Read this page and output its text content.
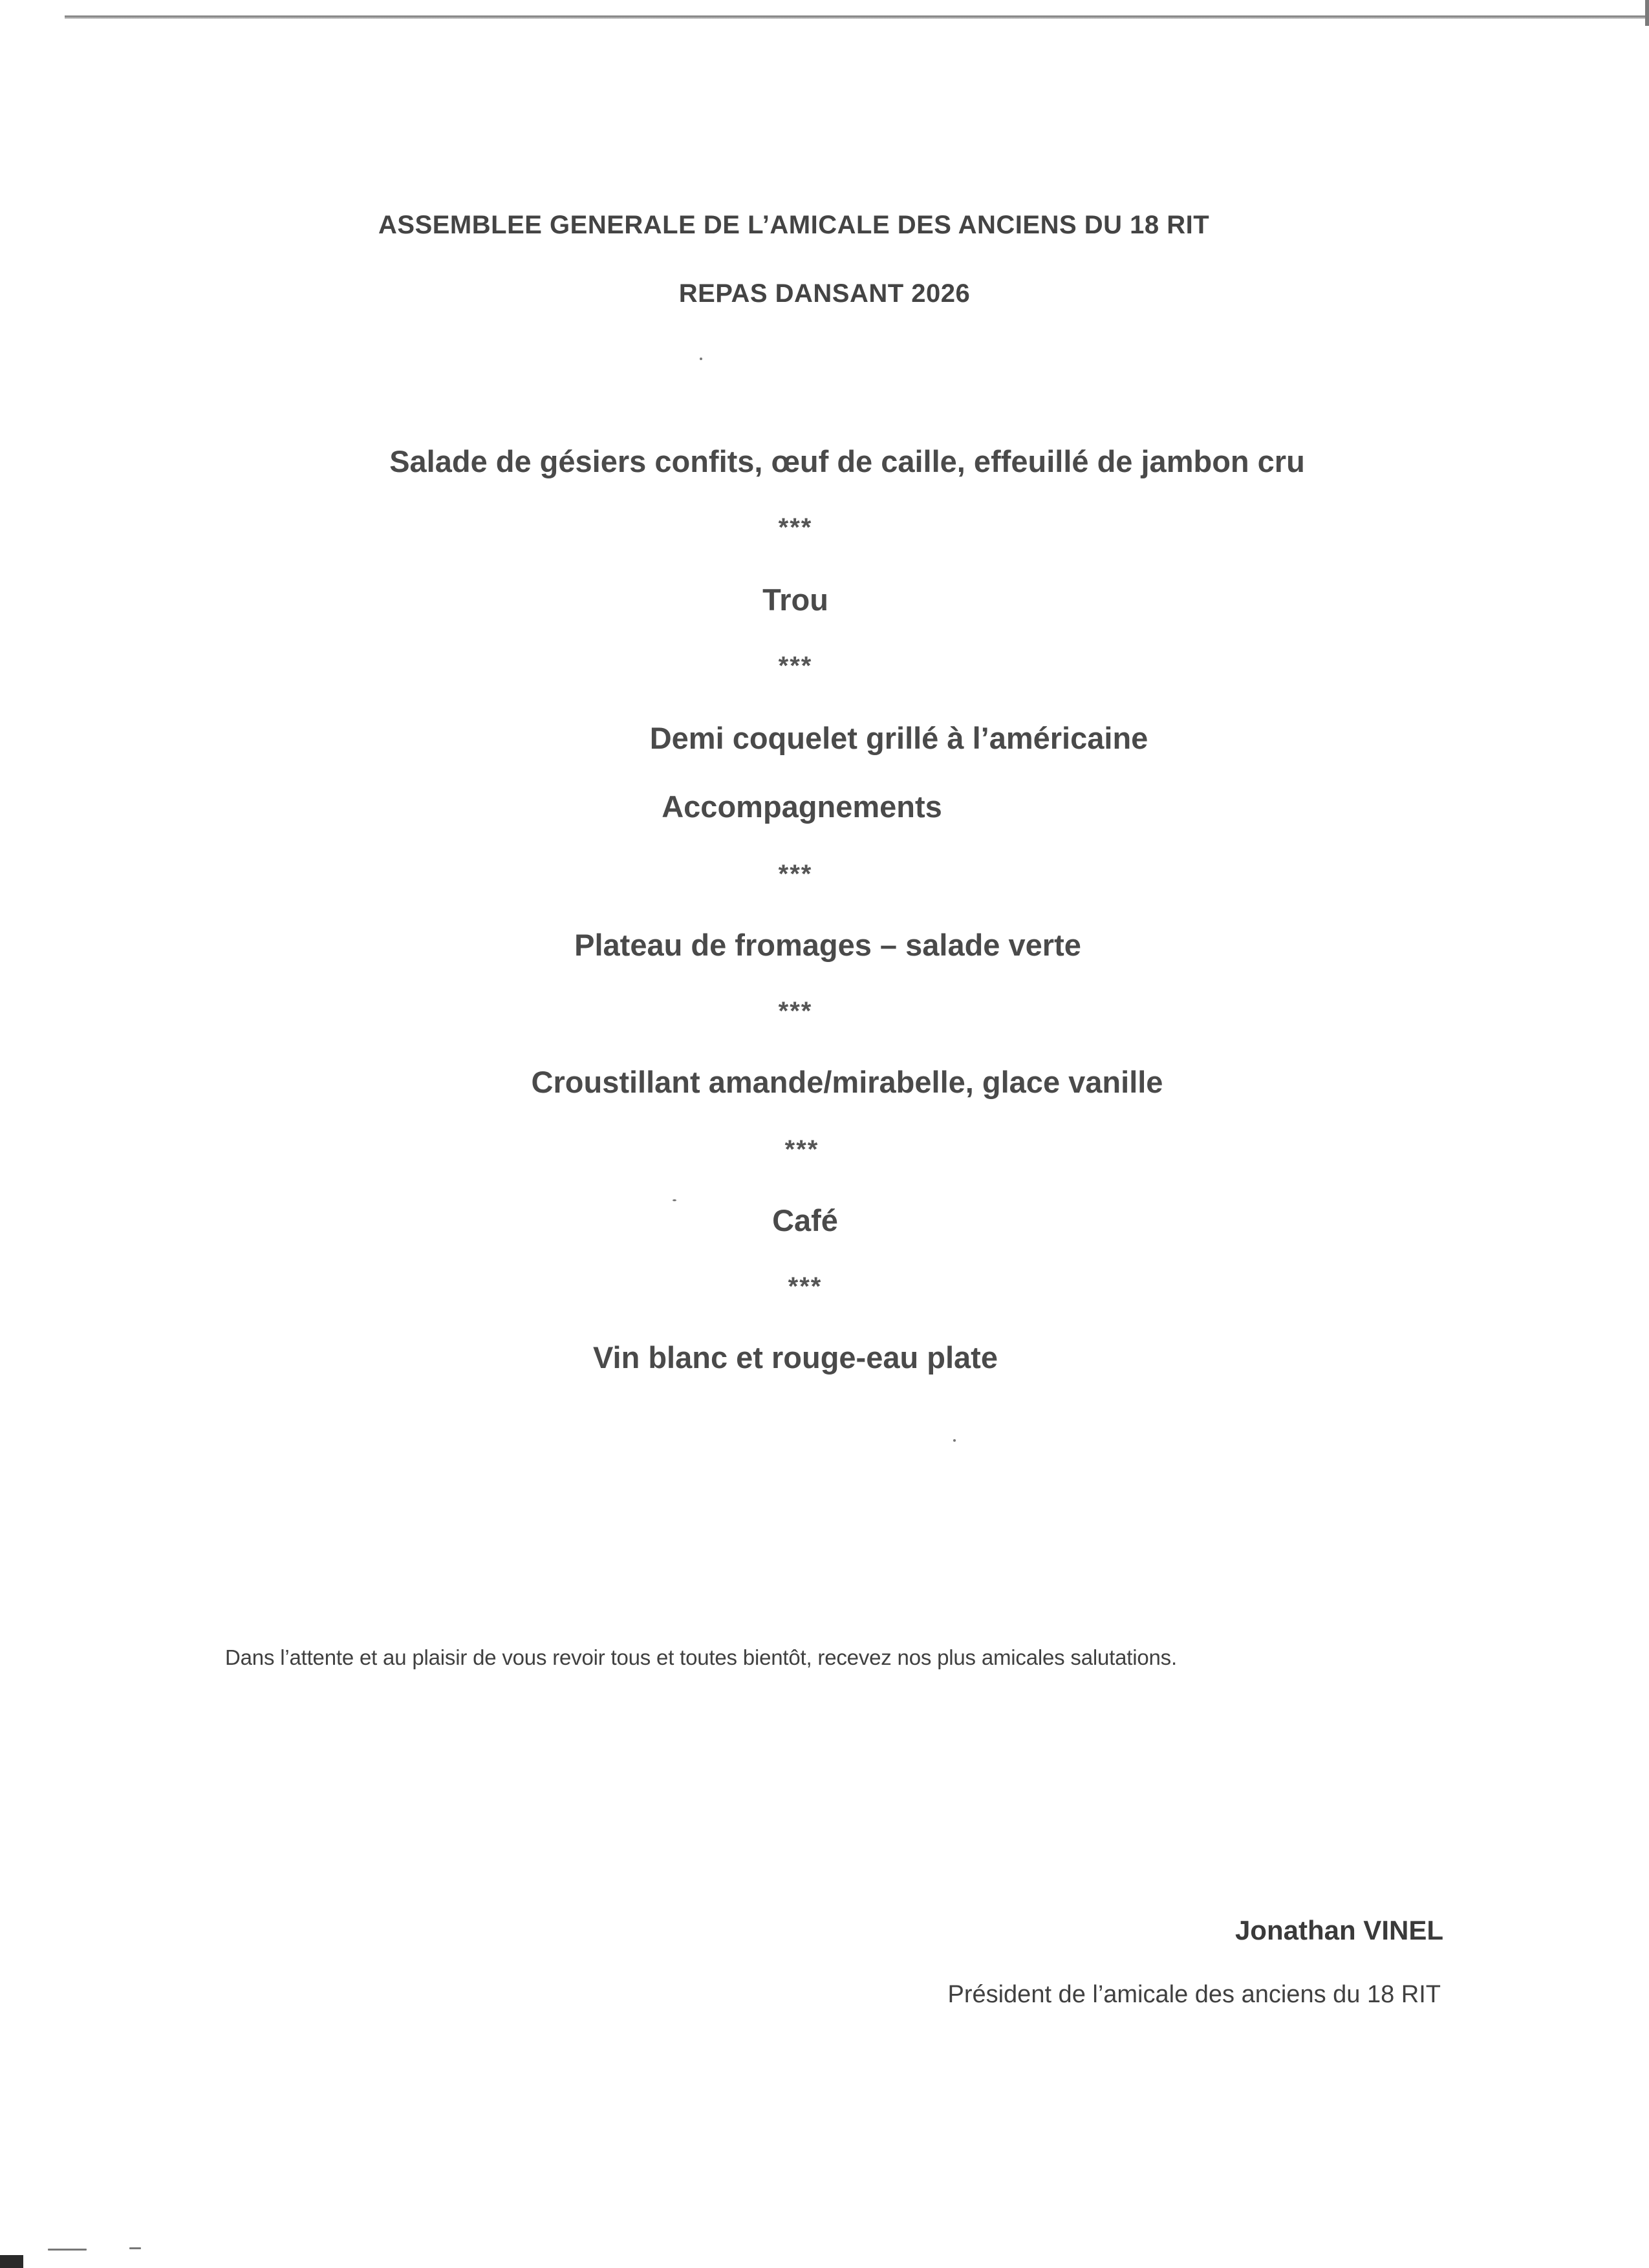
ASSEMBLEE GENERALE DE L’AMICALE DES ANCIENS DU 18 RIT
REPAS DANSANT 2026
Salade de gésiers confits, œuf de caille, effeuillé de jambon cru
***
Trou
***
Demi coquelet grillé à l’américaine
Accompagnements
***
Plateau de fromages – salade verte
***
Croustillant amande/mirabelle, glace vanille
***
Café
***
Vin blanc et rouge-eau plate
Dans l’attente et au plaisir de vous revoir tous et toutes bientôt, recevez nos plus amicales salutations.
Jonathan VINEL
Président de l’amicale des anciens du 18 RIT
